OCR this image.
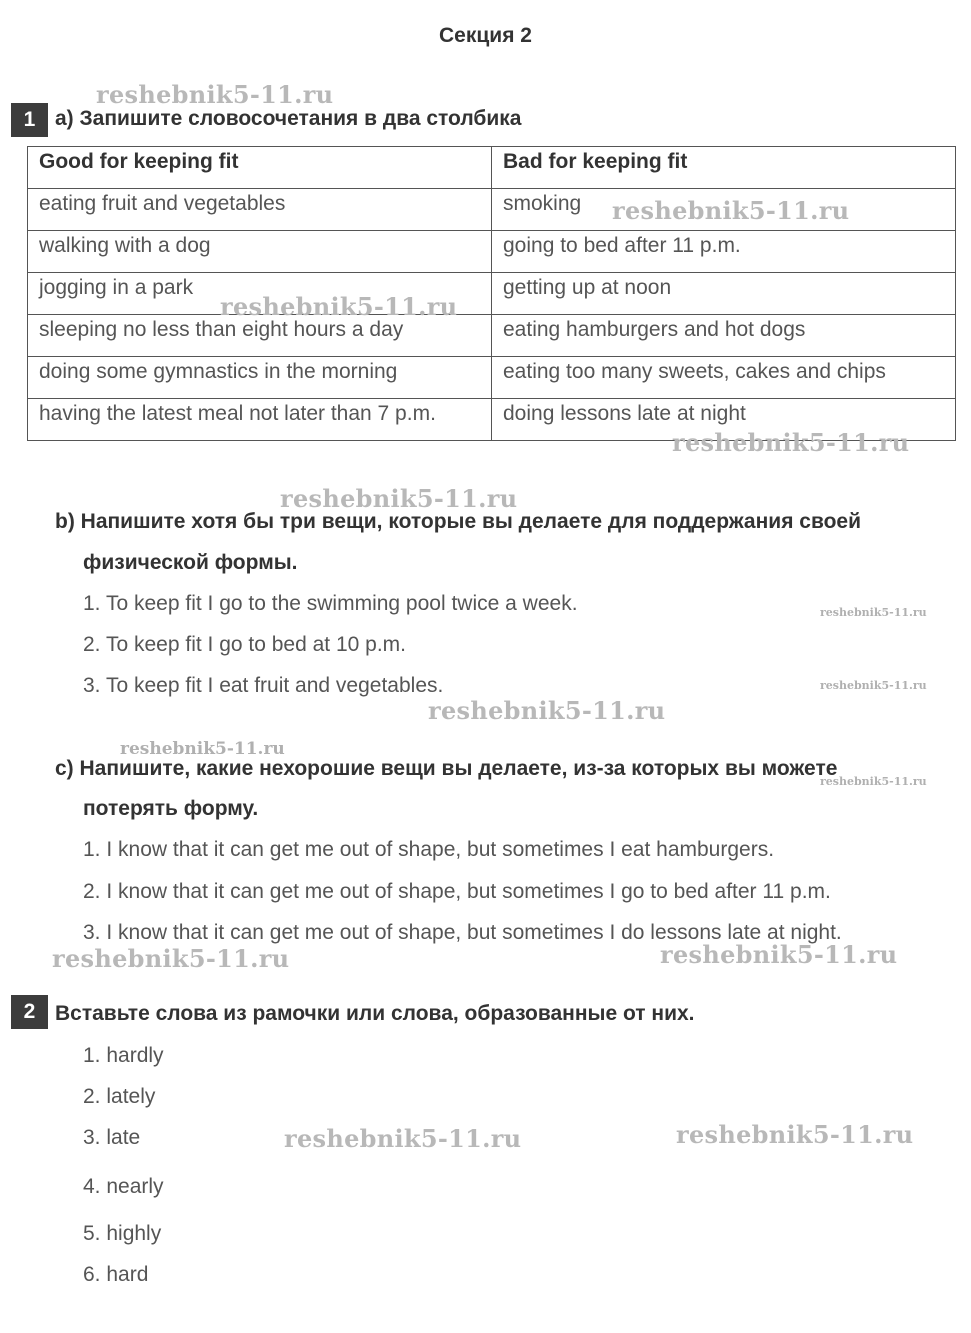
Секция 2
1 a) Запишите словосочетания в два столбика
Good for keeping fit	Bad for keeping fit
eating fruit and vegetables	smoking
walking with a dog	going to bed after 11 p.m.
jogging in a park	getting up at noon
sleeping no less than eight hours a day	eating hamburgers and hot dogs
doing some gymnastics in the morning	eating too many sweets, cakes and chips
having the latest meal not later than 7 p.m.	doing lessons late at night
b) Напишите хотя бы три вещи, которые вы делаете для поддержания своей
физической формы.
1. To keep fit I go to the swimming pool twice a week.
2. To keep fit I go to bed at 10 p.m.
3. To keep fit I eat fruit and vegetables.
c) Напишите, какие нехорошие вещи вы делаете, из-за которых вы можете
потерять форму.
1. I know that it can get me out of shape, but sometimes I eat hamburgers.
2. I know that it can get me out of shape, but sometimes I go to bed after 11 p.m.
3. I know that it can get me out of shape, but sometimes I do lessons late at night.
2 Вставьте слова из рамочки или слова, образованные от них.
1. hardly
2. lately
3. late
4. nearly
5. highly
6. hard
reshebnik5-11.ru
reshebnik5-11.ru
reshebnik5-11.ru
reshebnik5-11.ru
reshebnik5-11.ru
reshebnik5-11.ru
reshebnik5-11.ru
reshebnik5-11.ru
reshebnik5-11.ru
reshebnik5-11.ru
reshebnik5-11.ru	reshebnik5-11.ru
reshebnik5-11.ru	reshebnik5-11.ru
